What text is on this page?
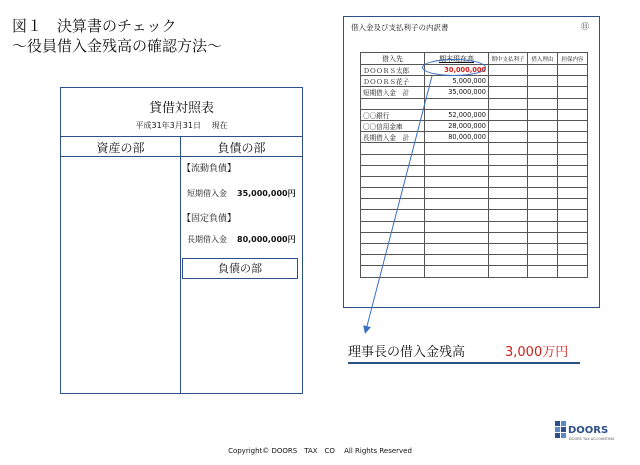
図１　決算書のチェック
～役員借入金残高の確認方法～
貸借対照表
平成31年3月31日　 現在
資産の部	負債の部
【流動負債】
短期借入金 35,000,000円
【固定負債】
長期借入金 80,000,000円
負債の部
借入金及び支払利子の内訳書	⑪
借入先	期末現在高	期中支払利子	借入理由	担保内容
ＤＯＯＲＳ太郎	30,000,000			
ＤＯＯＲＳ花子	5,000,000			
短期借入金　計	35,000,000			

〇〇銀行	52,000,000			
〇〇信用金庫	28,000,000			
長期借入金　計	80,000,000			

理事長の借入金残高	3,000万円
Copyright© DOORS　TAX　CO　 All Rights Reserved
DOORS
DOORS TAX ACCOUNTING
